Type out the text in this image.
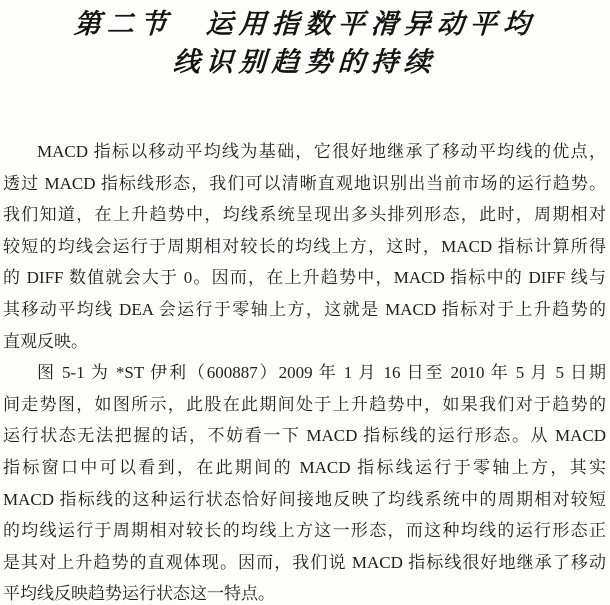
第二节　运用指数平滑异动平均
线识别趋势的持续
MACD 指标以移动平均线为基础，它很好地继承了移动平均线的优点，
透过 MACD 指标线形态，我们可以清晰直观地识别出当前市场的运行趋势。
我们知道，在上升趋势中，均线系统呈现出多头排列形态，此时，周期相对
较短的均线会运行于周期相对较长的均线上方，这时，MACD 指标计算所得
的 DIFF 数值就会大于 0。因而，在上升趋势中，MACD 指标中的 DIFF 线与
其移动平均线 DEA 会运行于零轴上方，这就是 MACD 指标对于上升趋势的
直观反映。
图 5-1 为 *ST 伊利（600887）2009 年 1 月 16 日至 2010 年 5 月 5 日期
间走势图，如图所示，此股在此期间处于上升趋势中，如果我们对于趋势的
运行状态无法把握的话，不妨看一下 MACD 指标线的运行形态。从 MACD
指标窗口中可以看到，在此期间的 MACD 指标线运行于零轴上方，其实
MACD 指标线的这种运行状态恰好间接地反映了均线系统中的周期相对较短
的均线运行于周期相对较长的均线上方这一形态，而这种均线的运行形态正
是其对上升趋势的直观体现。因而，我们说 MACD 指标线很好地继承了移动
平均线反映趋势运行状态这一特点。
